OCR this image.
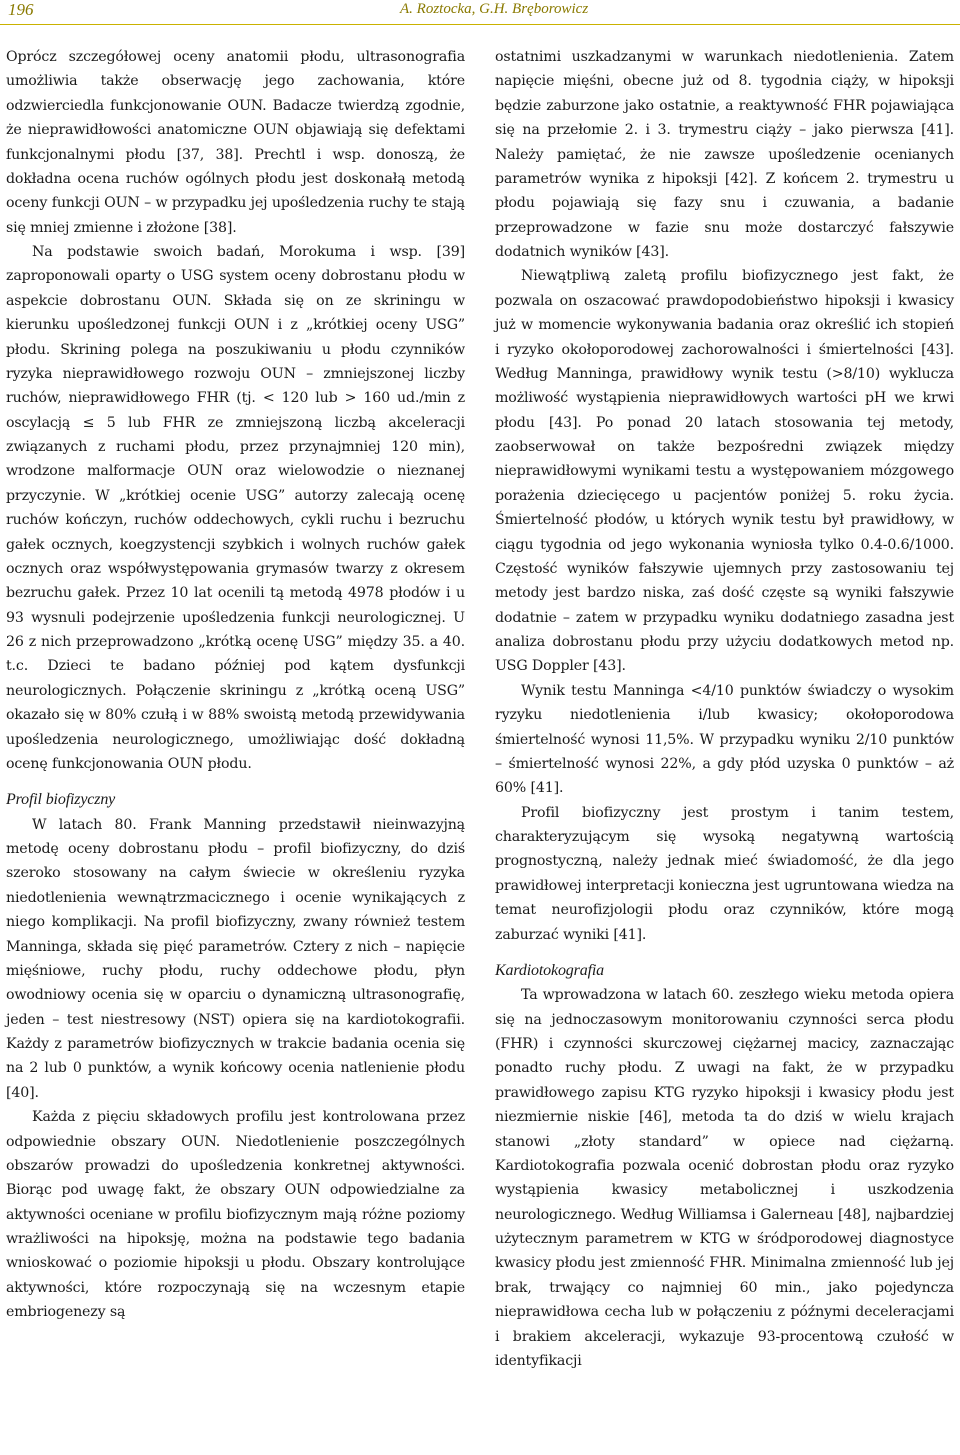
196	A. Roztocka, G.H. Bręborowicz

Oprócz szczegółowej oceny anatomii płodu, ultrasonografia umożliwia także obserwację jego zachowania, które odzwierciedla funkcjonowanie OUN. Badacze twierdzą zgodnie, że nieprawidłowości anatomiczne OUN objawiają się defektami funkcjonalnymi płodu [37, 38]. Prechtl i wsp. donoszą, że dokładna ocena ruchów ogólnych płodu jest doskonałą metodą oceny funkcji OUN – w przypadku jej upośledzenia ruchy te stają się mniej zmienne i złożone [38].

Na podstawie swoich badań, Morokuma i wsp. [39] zaproponowali oparty o USG system oceny dobrostanu płodu w aspekcie dobrostanu OUN. Składa się on ze skriningu w kierunku upośledzonej funkcji OUN i z „krótkiej oceny USG” płodu. Skrining polega na poszukiwaniu u płodu czynników ryzyka nieprawidłowego rozwoju OUN – zmniejszonej liczby ruchów, nieprawidłowego FHR (tj. < 120 lub > 160 ud./min z oscylacją ≤ 5 lub FHR ze zmniejszoną liczbą akceleracji związanych z ruchami płodu, przez przynajmniej 120 min), wrodzone malformacje OUN oraz wielowodzie o nieznanej przyczynie. W „krótkiej ocenie USG” autorzy zalecają ocenę ruchów kończyn, ruchów oddechowych, cykli ruchu i bezruchu gałek ocznych, koegzystencji szybkich i wolnych ruchów gałek ocznych oraz współwystępowania grymasów twarzy z okresem bezruchu gałek. Przez 10 lat ocenili tą metodą 4978 płodów i u 93 wysnuli podejrzenie upośledzenia funkcji neurologicznej. U 26 z nich przeprowadzono „krótką ocenę USG” między 35. a 40. t.c. Dzieci te badano później pod kątem dysfunkcji neurologicznych. Połączenie skriningu z „krótką oceną USG” okazało się w 80% czułą i w 88% swoistą metodą przewidywania upośledzenia neurologicznego, umożliwiając dość dokładną ocenę funkcjonowania OUN płodu.

Profil biofizyczny

W latach 80. Frank Manning przedstawił nieinwazyjną metodę oceny dobrostanu płodu – profil biofizyczny, do dziś szeroko stosowany na całym świecie w określeniu ryzyka niedotlenienia wewnątrzmacicznego i ocenie wynikających z niego komplikacji. Na profil biofizyczny, zwany również testem Manninga, składa się pięć parametrów. Cztery z nich – napięcie mięśniowe, ruchy płodu, ruchy oddechowe płodu, płyn owodniowy ocenia się w oparciu o dynamiczną ultrasonografię, jeden – test niestresowy (NST) opiera się na kardiotokografii. Każdy z parametrów biofizycznych w trakcie badania ocenia się na 2 lub 0 punktów, a wynik końcowy ocenia natlenienie płodu [40].

Każda z pięciu składowych profilu jest kontrolowana przez odpowiednie obszary OUN. Niedotlenienie poszczególnych obszarów prowadzi do upośledzenia konkretnej aktywności. Biorąc pod uwagę fakt, że obszary OUN odpowiedzialne za aktywności oceniane w profilu biofizycznym mają różne poziomy wrażliwości na hipoksję, można na podstawie tego badania wnioskować o poziomie hipoksji u płodu. Obszary kontrolujące aktywności, które rozpoczynają się na wczesnym etapie embriogenezy są

ostatnimi uszkadzanymi w warunkach niedotlenienia. Zatem napięcie mięśni, obecne już od 8. tygodnia ciąży, w hipoksji będzie zaburzone jako ostatnie, a reaktywność FHR pojawiająca się na przełomie 2. i 3. trymestru ciąży – jako pierwsza [41]. Należy pamiętać, że nie zawsze upośledzenie ocenianych parametrów wynika z hipoksji [42]. Z końcem 2. trymestru u płodu pojawiają się fazy snu i czuwania, a badanie przeprowadzone w fazie snu może dostarczyć fałszywie dodatnich wyników [43].

Niewątpliwą zaletą profilu biofizycznego jest fakt, że pozwala on oszacować prawdopodobieństwo hipoksji i kwasicy już w momencie wykonywania badania oraz określić ich stopień i ryzyko okołoporodowej zachorowalności i śmiertelności [43]. Według Manninga, prawidłowy wynik testu (>8/10) wyklucza możliwość wystąpienia nieprawidłowych wartości pH we krwi płodu [43]. Po ponad 20 latach stosowania tej metody, zaobserwował on także bezpośredni związek między nieprawidłowymi wynikami testu a występowaniem mózgowego porażenia dziecięcego u pacjentów poniżej 5. roku życia. Śmiertelność płodów, u których wynik testu był prawidłowy, w ciągu tygodnia od jego wykonania wyniosła tylko 0.4-0.6/1000. Częstość wyników fałszywie ujemnych przy zastosowaniu tej metody jest bardzo niska, zaś dość częste są wyniki fałszywie dodatnie – zatem w przypadku wyniku dodatniego zasadna jest analiza dobrostanu płodu przy użyciu dodatkowych metod np. USG Doppler [43].

Wynik testu Manninga <4/10 punktów świadczy o wysokim ryzyku niedotlenienia i/lub kwasicy; okołoporodowa śmiertelność wynosi 11,5%. W przypadku wyniku 2/10 punktów – śmiertelność wynosi 22%, a gdy płód uzyska 0 punktów – aż 60% [41].

Profil biofizyczny jest prostym i tanim testem, charakteryzującym się wysoką negatywną wartością prognostyczną, należy jednak mieć świadomość, że dla jego prawidłowej interpretacji konieczna jest ugruntowana wiedza na temat neurofizjologii płodu oraz czynników, które mogą zaburzać wyniki [41].

Kardiotokografia

Ta wprowadzona w latach 60. zeszłego wieku metoda opiera się na jednoczasowym monitorowaniu czynności serca płodu (FHR) i czynności skurczowej ciężarnej macicy, zaznaczając ponadto ruchy płodu. Z uwagi na fakt, że w przypadku prawidłowego zapisu KTG ryzyko hipoksji i kwasicy płodu jest niezmiernie niskie [46], metoda ta do dziś w wielu krajach stanowi „złoty standard” w opiece nad ciężarną. Kardiotokografia pozwala ocenić dobrostan płodu oraz ryzyko wystąpienia kwasicy metabolicznej i uszkodzenia neurologicznego. Według Williamsa i Galerneau [48], najbardziej użytecznym parametrem w KTG w śródporodowej diagnostyce kwasicy płodu jest zmienność FHR. Minimalna zmienność lub jej brak, trwający co najmniej 60 min., jako pojedyncza nieprawidłowa cecha lub w połączeniu z późnymi deceleracjami i brakiem akceleracji, wykazuje 93-procentową czułość w identyfikacji
